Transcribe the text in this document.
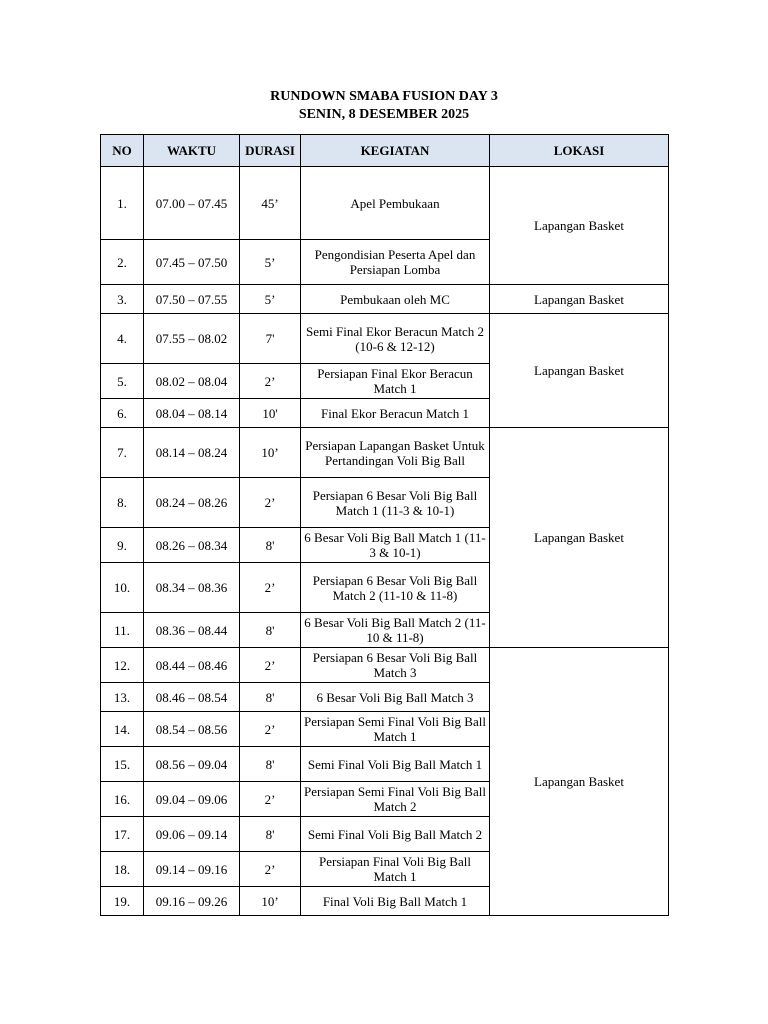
RUNDOWN SMABA FUSION DAY 3
SENIN, 8 DESEMBER 2025
NO	WAKTU	DURASI	KEGIATAN	LOKASI
1.	07.00 – 07.45	45’	Apel Pembukaan	Lapangan Basket
2.	07.45 – 07.50	5’	Pengondisian Peserta Apel dan Persiapan Lomba	
3.	07.50 – 07.55	5’	Pembukaan oleh MC	Lapangan Basket
4.	07.55 – 08.02	7'	Semi Final Ekor Beracun Match 2 (10-6 & 12-12)	Lapangan Basket
5.	08.02 – 08.04	2’	Persiapan Final Ekor Beracun Match 1	
6.	08.04 – 08.14	10'	Final Ekor Beracun Match 1	
7.	08.14 – 08.24	10’	Persiapan Lapangan Basket Untuk Pertandingan Voli Big Ball	Lapangan Basket
8.	08.24 – 08.26	2’	Persiapan 6 Besar Voli Big Ball Match 1 (11-3 & 10-1)	
9.	08.26 – 08.34	8'	6 Besar Voli Big Ball Match 1 (11-3 & 10-1)	
10.	08.34 – 08.36	2’	Persiapan 6 Besar Voli Big Ball Match 2 (11-10 & 11-8)	
11.	08.36 – 08.44	8'	6 Besar Voli Big Ball Match 2 (11-10 & 11-8)	
12.	08.44 – 08.46	2’	Persiapan 6 Besar Voli Big Ball Match 3	Lapangan Basket
13.	08.46 – 08.54	8'	6 Besar Voli Big Ball Match 3	
14.	08.54 – 08.56	2’	Persiapan Semi Final Voli Big Ball Match 1	
15.	08.56 – 09.04	8'	Semi Final Voli Big Ball Match 1	
16.	09.04 – 09.06	2’	Persiapan Semi Final Voli Big Ball Match 2	
17.	09.06 – 09.14	8'	Semi Final Voli Big Ball Match 2	
18.	09.14 – 09.16	2’	Persiapan Final Voli Big Ball Match 1	
19.	09.16 – 09.26	10’	Final Voli Big Ball Match 1	
